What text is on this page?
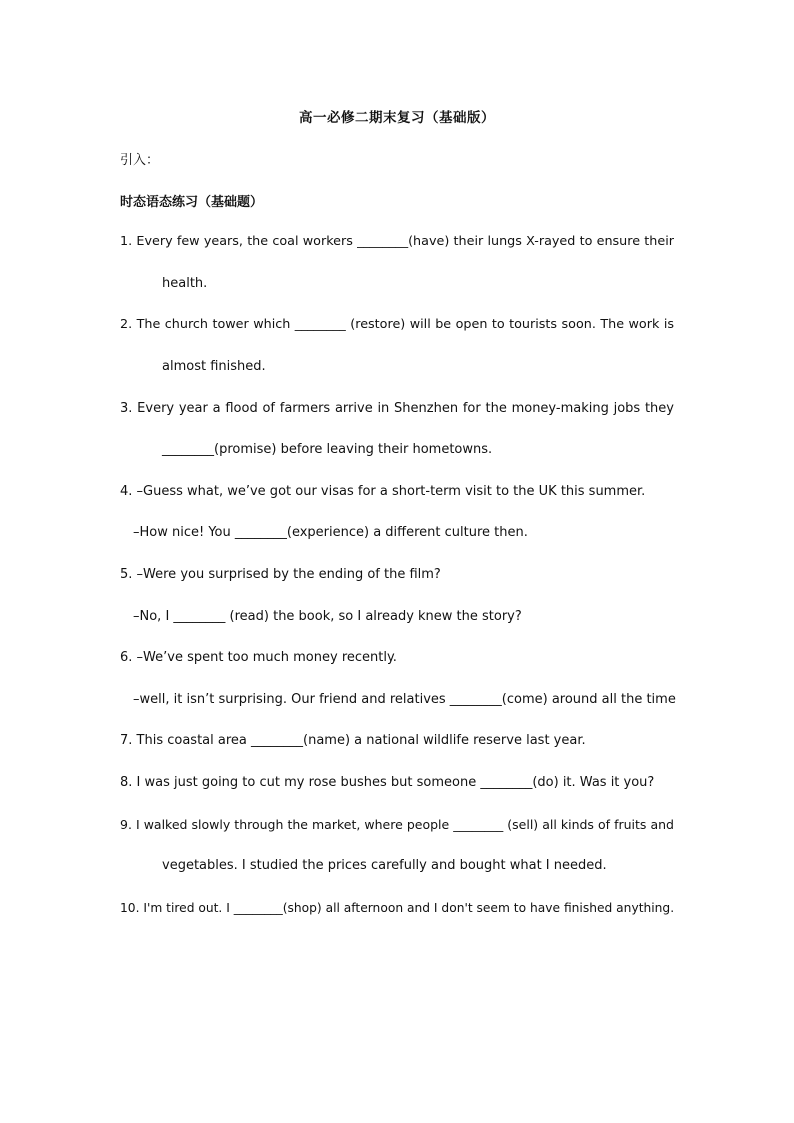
高一必修二期末复习（基础版）
引入：
时态语态练习（基础题）
1. Every few years, the coal workers ________(have) their lungs X-rayed to ensure their
health.
2. The church tower which ________ (restore) will be open to tourists soon. The work is
almost finished.
3. Every year a flood of farmers arrive in Shenzhen for the money-making jobs they
________(promise) before leaving their hometowns.
4. –Guess what, we’ve got our visas for a short-term visit to the UK this summer.
–How nice! You ________(experience) a different culture then.
5. –Were you surprised by the ending of the film?
–No, I ________ (read) the book, so I already knew the story?
6. –We’ve spent too much money recently.
–well, it isn’t surprising. Our friend and relatives ________(come) around all the time
7. This coastal area ________(name) a national wildlife reserve last year.
8. I was just going to cut my rose bushes but someone ________(do) it. Was it you?
9. I walked slowly through the market, where people ________ (sell) all kinds of fruits and
vegetables. I studied the prices carefully and bought what I needed.
10. I'm tired out. I ________(shop) all afternoon and I don't seem to have finished anything.
